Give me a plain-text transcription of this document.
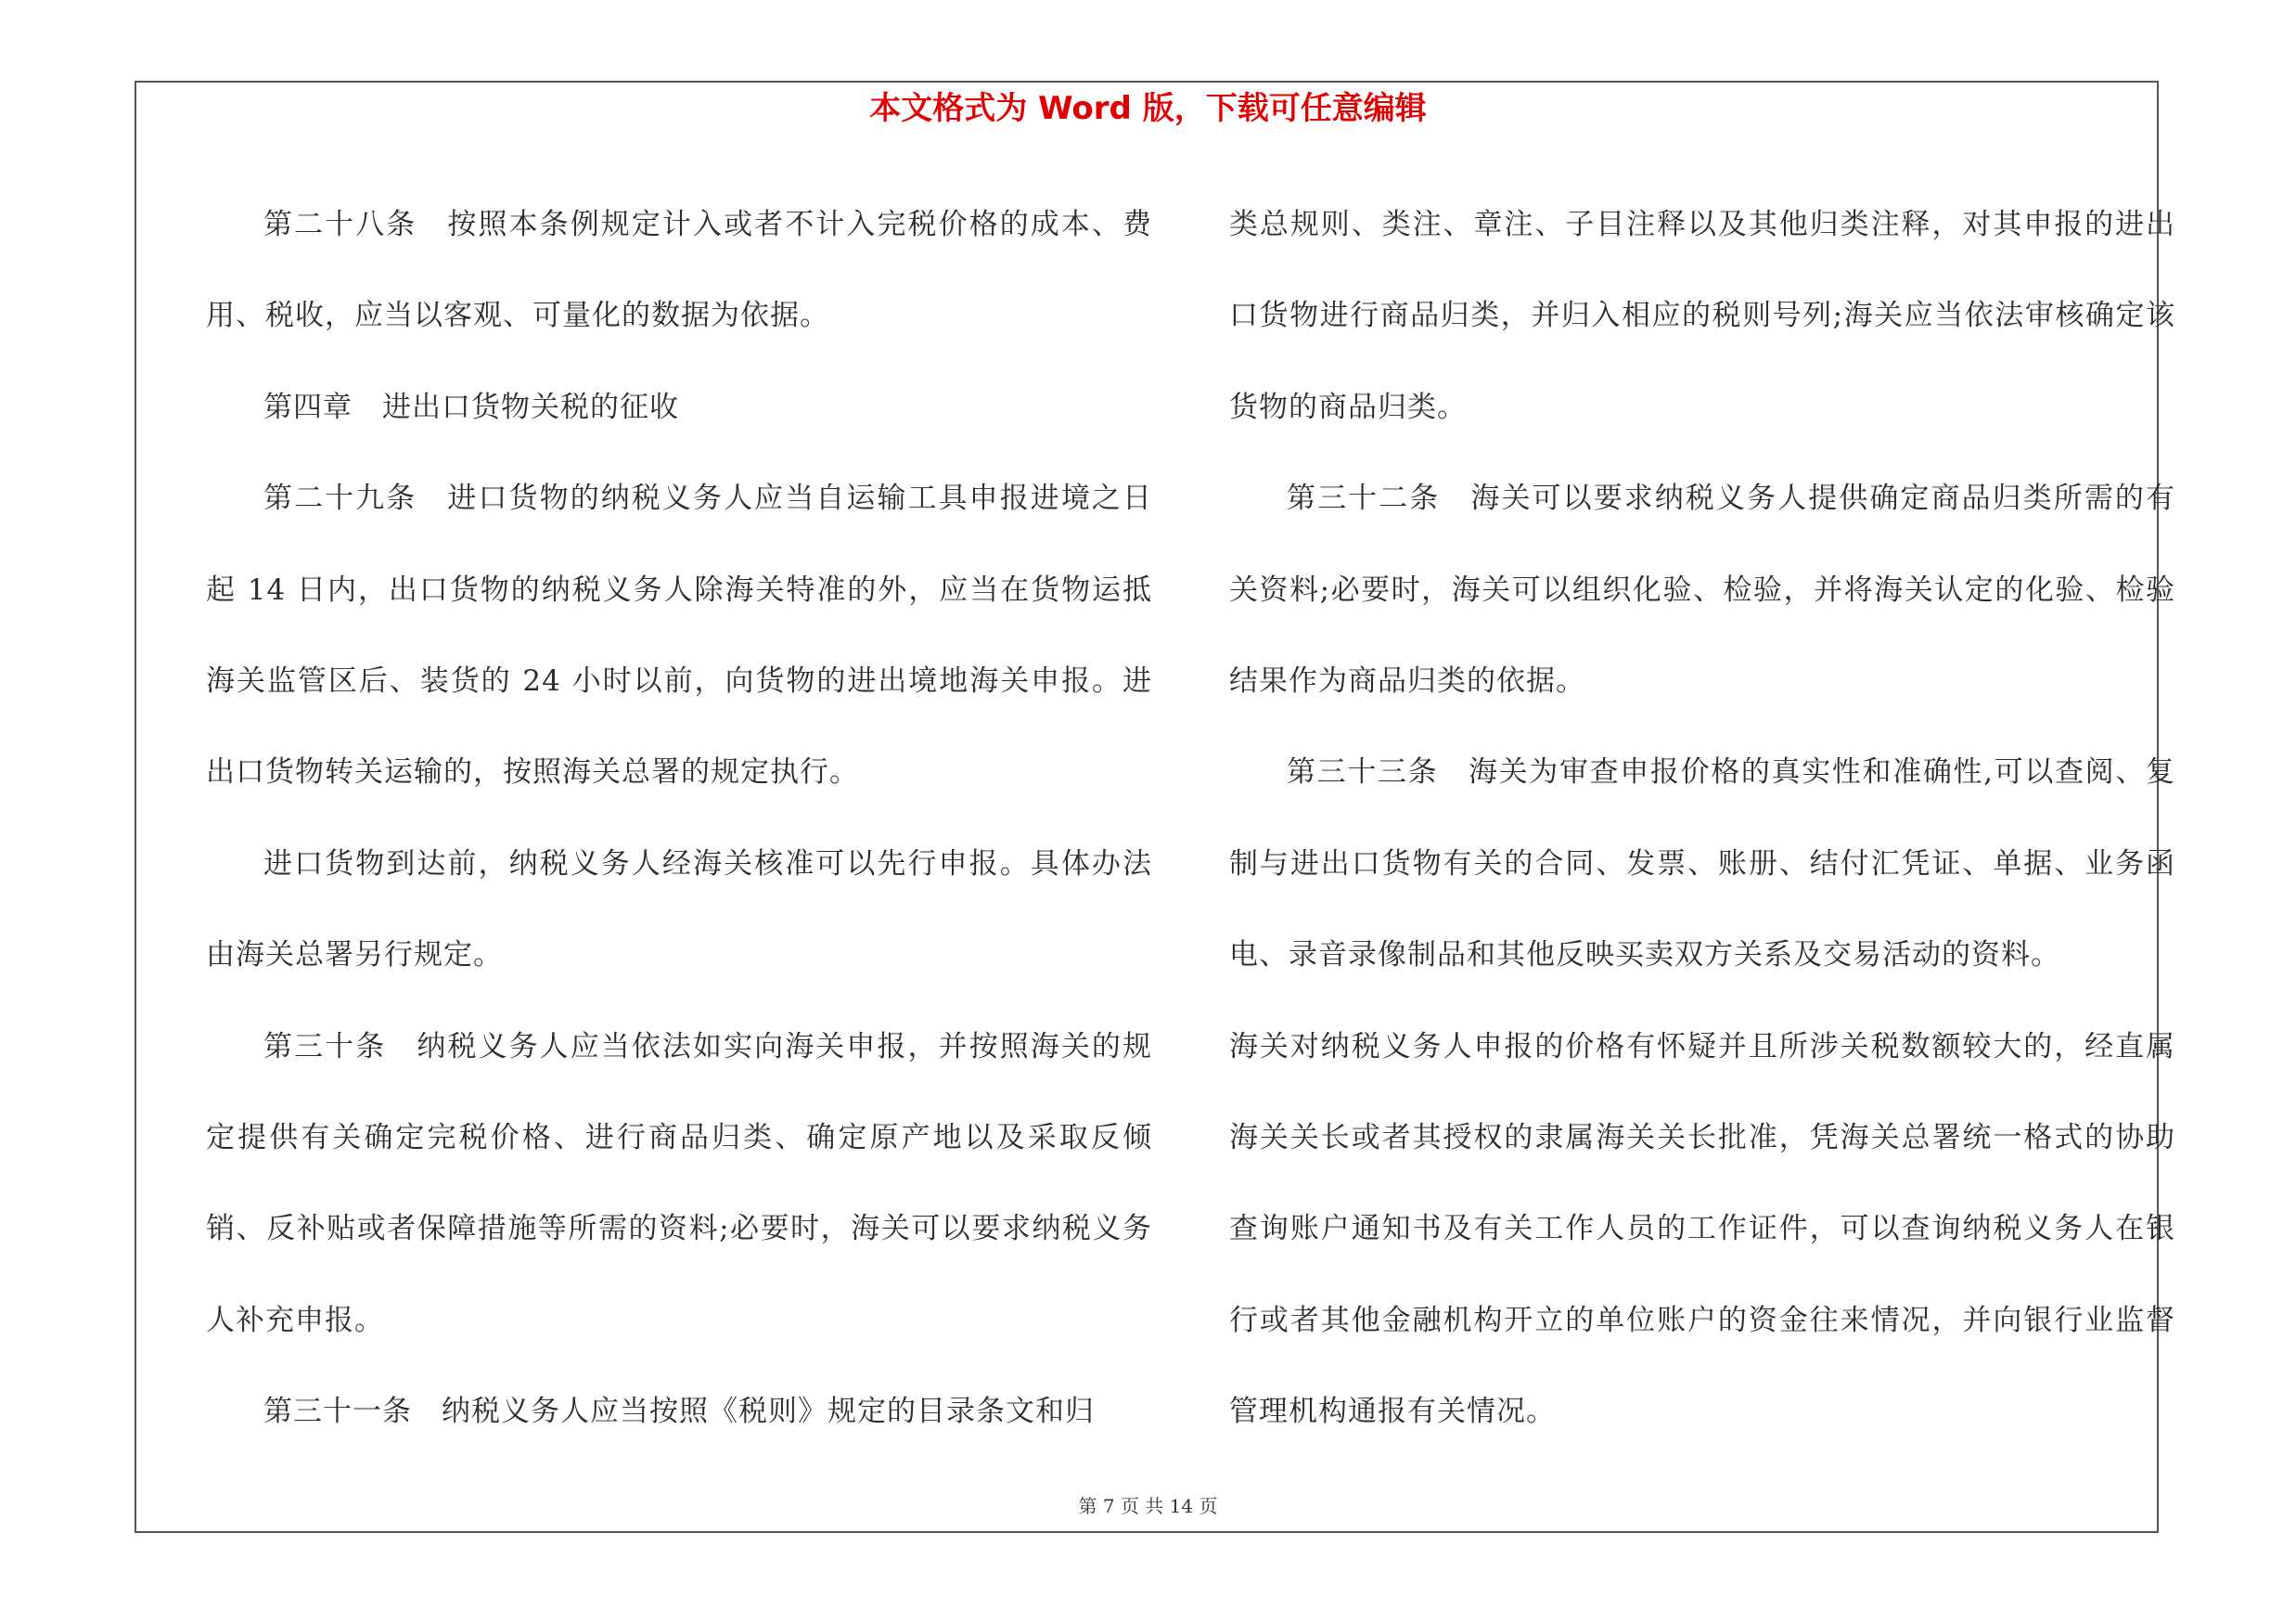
本文格式为 Word 版，下载可任意编辑

第二十八条　按照本条例规定计入或者不计入完税价格的成本、费用、税收，应当以客观、可量化的数据为依据。

第四章　进出口货物关税的征收

第二十九条　进口货物的纳税义务人应当自运输工具申报进境之日起 14 日内，出口货物的纳税义务人除海关特准的外，应当在货物运抵海关监管区后、装货的 24 小时以前，向货物的进出境地海关申报。进出口货物转关运输的，按照海关总署的规定执行。

进口货物到达前，纳税义务人经海关核准可以先行申报。具体办法由海关总署另行规定。

第三十条　纳税义务人应当依法如实向海关申报，并按照海关的规定提供有关确定完税价格、进行商品归类、确定原产地以及采取反倾销、反补贴或者保障措施等所需的资料;必要时，海关可以要求纳税义务人补充申报。

第三十一条　纳税义务人应当按照《税则》规定的目录条文和归

类总规则、类注、章注、子目注释以及其他归类注释，对其申报的进出口货物进行商品归类，并归入相应的税则号列;海关应当依法审核确定该货物的商品归类。

第三十二条　海关可以要求纳税义务人提供确定商品归类所需的有关资料;必要时，海关可以组织化验、检验，并将海关认定的化验、检验结果作为商品归类的依据。

第三十三条　海关为审查申报价格的真实性和准确性,可以查阅、复制与进出口货物有关的合同、发票、账册、结付汇凭证、单据、业务函电、录音录像制品和其他反映买卖双方关系及交易活动的资料。

海关对纳税义务人申报的价格有怀疑并且所涉关税数额较大的，经直属海关关长或者其授权的隶属海关关长批准，凭海关总署统一格式的协助查询账户通知书及有关工作人员的工作证件，可以查询纳税义务人在银行或者其他金融机构开立的单位账户的资金往来情况，并向银行业监督管理机构通报有关情况。

第 7 页 共 14 页
